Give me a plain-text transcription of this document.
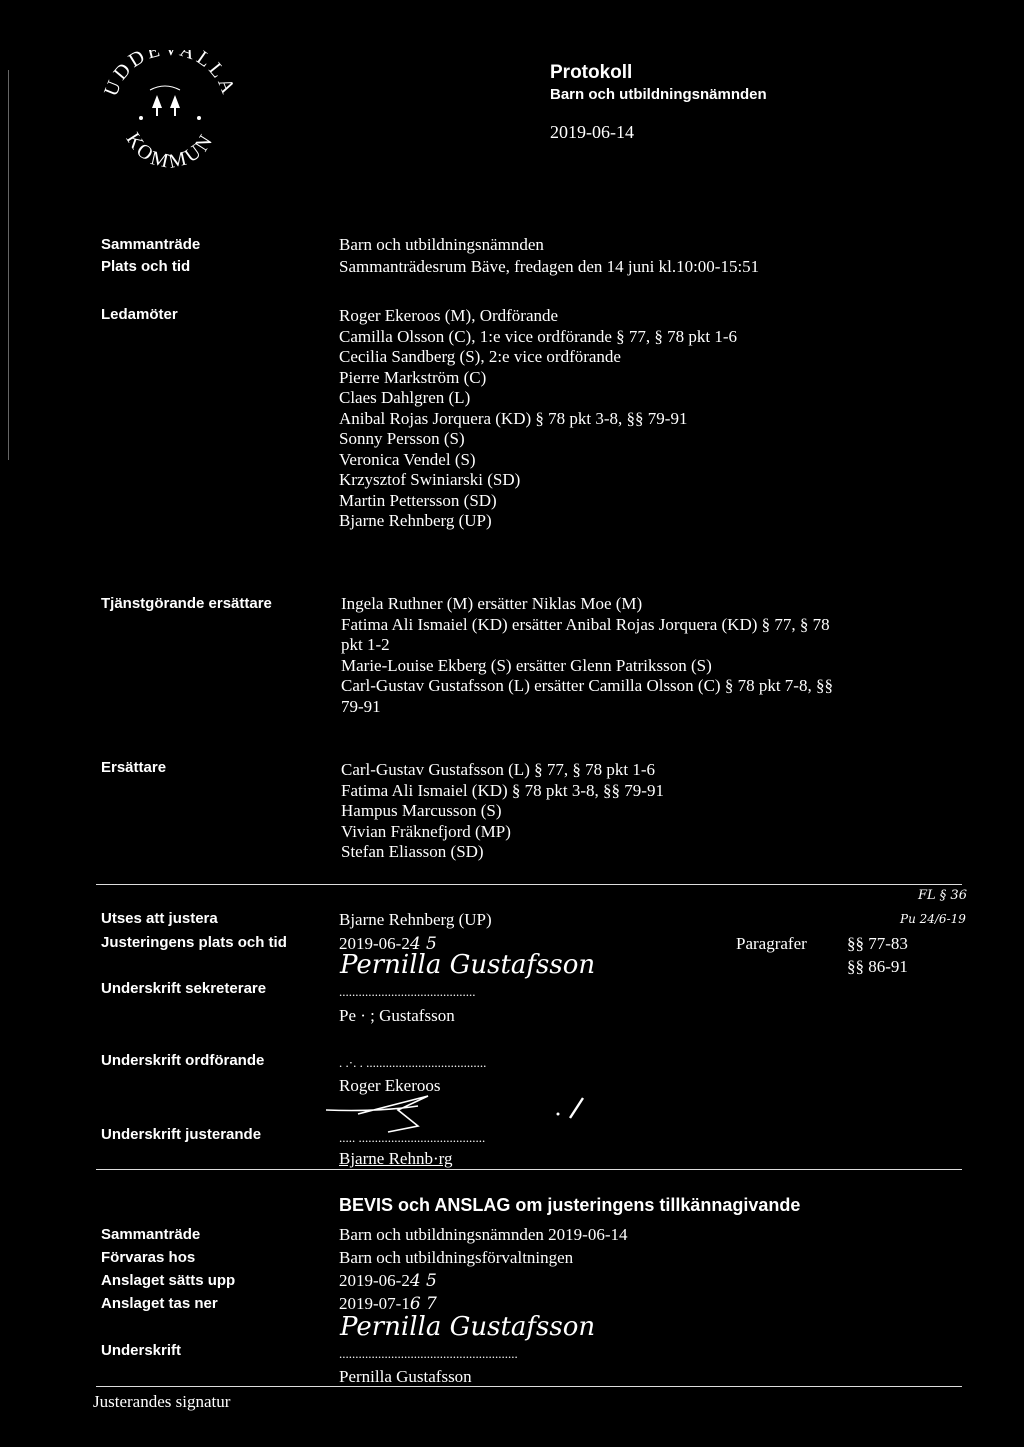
UDDE ALLA
KOMMUN
Protokoll
Barn och utbildningsnämnden
2019-06-14
Sammanträde	Barn och utbildningsnämnden
Plats och tid	Sammanträdesrum Bäve, fredagen den 14 juni kl.10:00-15:51
Ledamöter	Roger Ekeroos (M), Ordförande
Camilla Olsson (C), 1:e vice ordförande § 77, § 78 pkt 1-6
Cecilia Sandberg (S), 2:e vice ordförande
Pierre Markström (C)
Claes Dahlgren (L)
Anibal Rojas Jorquera (KD) § 78 pkt 3-8, §§ 79-91
Sonny Persson (S)
Veronica Vendel (S)
Krzysztof Swiniarski (SD)
Martin Pettersson (SD)
Bjarne Rehnberg (UP)
Tjänstgörande ersättare	Ingela Ruthner (M) ersätter Niklas Moe (M)
Fatima Ali Ismaiel (KD) ersätter Anibal Rojas Jorquera (KD) § 77, § 78
pkt 1-2
Marie-Louise Ekberg (S) ersätter Glenn Patriksson (S)
Carl-Gustav Gustafsson (L) ersätter Camilla Olsson (C) § 78 pkt 7-8, §§
79-91
Ersättare	Carl-Gustav Gustafsson (L) § 77, § 78 pkt 1-6
Fatima Ali Ismaiel (KD) § 78 pkt 3-8, §§ 79-91
Hampus Marcusson (S)
Vivian Fräknefjord (MP)
Stefan Eliasson (SD)
Utses att justera	Bjarne Rehnberg (UP)
Justeringens plats och tid	2019-06-24 5	Paragrafer §§ 77-83
§§ 86-91
FL § 36
Pu 24/6-19
Underskrift sekreterare
Pernilla Gustafsson
..........................................
Pe · ; Gustafsson
Underskrift ordförande	. .·. . .....................................
Roger Ekeroos
Underskrift justerande	..... .......................................
Bjarne Rehnb·rg
BEVIS och ANSLAG om justeringens tillkännagivande
Sammanträde	Barn och utbildningsnämnden 2019-06-14
Förvaras hos	Barn och utbildningsförvaltningen
Anslaget sätts upp	2019-06-24 5
Anslaget tas ner	2019-07-16 7
Underskrift
Pernilla Gustafsson
.......................................................
Pernilla Gustafsson
Justerandes signatur
